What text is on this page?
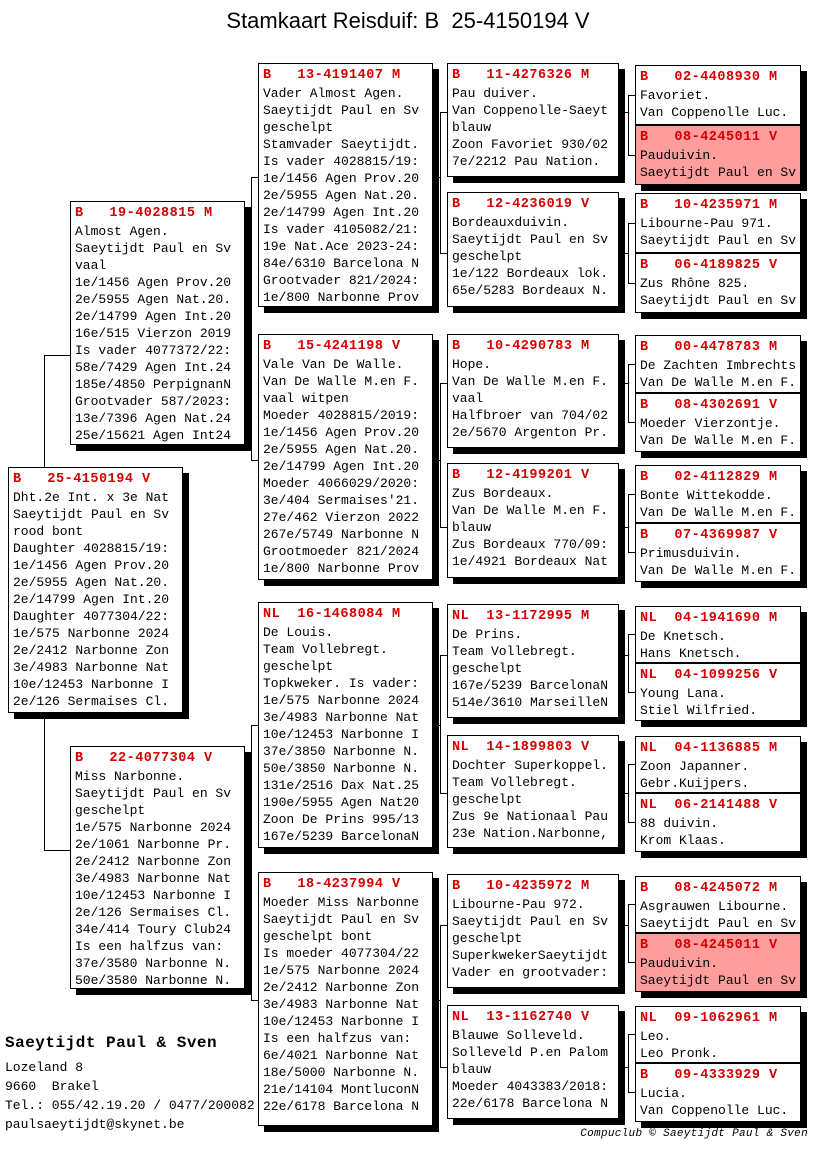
Stamkaart Reisduif: B  25-4150194 V
B   25-4150194 V
Dht.2e Int. x 3e Nat
Saeytijdt Paul en Sv
rood bont
Daughter 4028815/19:
1e/1456 Agen Prov.20
2e/5955 Agen Nat.20.
2e/14799 Agen Int.20
Daughter 4077304/22:
1e/575 Narbonne 2024
2e/2412 Narbonne Zon
3e/4983 Narbonne Nat
10e/12453 Narbonne I
2e/126 Sermaises Cl.
B   19-4028815 M
Almost Agen.
Saeytijdt Paul en Sv
vaal
1e/1456 Agen Prov.20
2e/5955 Agen Nat.20.
2e/14799 Agen Int.20
16e/515 Vierzon 2019
Is vader 4077372/22:
58e/7429 Agen Int.24
185e/4850 PerpignanN
Grootvader 587/2023:
13e/7396 Agen Nat.24
25e/15621 Agen Int24
B   22-4077304 V
Miss Narbonne.
Saeytijdt Paul en Sv
geschelpt
1e/575 Narbonne 2024
2e/1061 Narbonne Pr.
2e/2412 Narbonne Zon
3e/4983 Narbonne Nat
10e/12453 Narbonne I
2e/126 Sermaises Cl.
34e/414 Toury Club24
Is een halfzus van:
37e/3580 Narbonne N.
50e/3580 Narbonne N.
B   13-4191407 M
Vader Almost Agen.
Saeytijdt Paul en Sv
geschelpt
Stamvader Saeytijdt.
Is vader 4028815/19:
1e/1456 Agen Prov.20
2e/5955 Agen Nat.20.
2e/14799 Agen Int.20
Is vader 4105082/21:
19e Nat.Ace 2023-24:
84e/6310 Barcelona N
Grootvader 821/2024:
1e/800 Narbonne Prov
B   15-4241198 V
Vale Van De Walle.
Van De Walle M.en F.
vaal witpen
Moeder 4028815/2019:
1e/1456 Agen Prov.20
2e/5955 Agen Nat.20.
2e/14799 Agen Int.20
Moeder 4066029/2020:
3e/404 Sermaises'21.
27e/462 Vierzon 2022
267e/5749 Narbonne N
Grootmoeder 821/2024
1e/800 Narbonne Prov
NL  16-1468084 M
De Louis.
Team Vollebregt.
geschelpt
Topkweker. Is vader:
1e/575 Narbonne 2024
3e/4983 Narbonne Nat
10e/12453 Narbonne I
37e/3850 Narbonne N.
50e/3850 Narbonne N.
131e/2516 Dax Nat.25
190e/5955 Agen Nat20
Zoon De Prins 995/13
167e/5239 BarcelonaN
B   18-4237994 V
Moeder Miss Narbonne
Saeytijdt Paul en Sv
geschelpt bont
Is moeder 4077304/22
1e/575 Narbonne 2024
2e/2412 Narbonne Zon
3e/4983 Narbonne Nat
10e/12453 Narbonne I
Is een halfzus van:
6e/4021 Narbonne Nat
18e/5000 Narbonne N.
21e/14104 MontluconN
22e/6178 Barcelona N
B   11-4276326 M
Pau duiver.
Van Coppenolle-Saeyt
blauw
Zoon Favoriet 930/02
7e/2212 Pau Nation.
B   12-4236019 V
Bordeauxduivin.
Saeytijdt Paul en Sv
geschelpt
1e/122 Bordeaux lok.
65e/5283 Bordeaux N.
B   10-4290783 M
Hope.
Van De Walle M.en F.
vaal
Halfbroer van 704/02
2e/5670 Argenton Pr.
B   12-4199201 V
Zus Bordeaux.
Van De Walle M.en F.
blauw
Zus Bordeaux 770/09:
1e/4921 Bordeaux Nat
NL  13-1172995 M
De Prins.
Team Vollebregt.
geschelpt
167e/5239 BarcelonaN
514e/3610 MarseilleN
NL  14-1899803 V
Dochter Superkoppel.
Team Vollebregt.
geschelpt
Zus 9e Nationaal Pau
23e Nation.Narbonne,
B   10-4235972 M
Libourne-Pau 972.
Saeytijdt Paul en Sv
geschelpt
SuperkwekerSaeytijdt
Vader en grootvader:
NL  13-1162740 V
Blauwe Solleveld.
Solleveld P.en Palom
blauw
Moeder 4043383/2018:
22e/6178 Barcelona N
B   02-4408930 M
Favoriet.
Van Coppenolle Luc.
B   08-4245011 V
Pauduivin.
Saeytijdt Paul en Sv
B   10-4235971 M
Libourne-Pau 971.
Saeytijdt Paul en Sv
B   06-4189825 V
Zus Rhône 825.
Saeytijdt Paul en Sv
B   00-4478783 M
De Zachten Imbrechts
Van De Walle M.en F.
B   08-4302691 V
Moeder Vierzontje.
Van De Walle M.en F.
B   02-4112829 M
Bonte Wittekodde.
Van De Walle M.en F.
B   07-4369987 V
Primusduivin.
Van De Walle M.en F.
NL  04-1941690 M
De Knetsch.
Hans Knetsch.
NL  04-1099256 V
Young Lana.
Stiel Wilfried.
NL  04-1136885 M
Zoon Japanner.
Gebr.Kuijpers.
NL  06-2141488 V
88 duivin.
Krom Klaas.
B   08-4245072 M
Asgrauwen Libourne.
Saeytijdt Paul en Sv
B   08-4245011 V
Pauduivin.
Saeytijdt Paul en Sv
NL  09-1062961 M
Leo.
Leo Pronk.
B   09-4333929 V
Lucia.
Van Coppenolle Luc.
Saeytijdt Paul & Sven
Lozeland 8
9660  Brakel
Tel.: 055/42.19.20 / 0477/200082
paulsaeytijdt@skynet.be
Compuclub © Saeytijdt Paul & Sven
